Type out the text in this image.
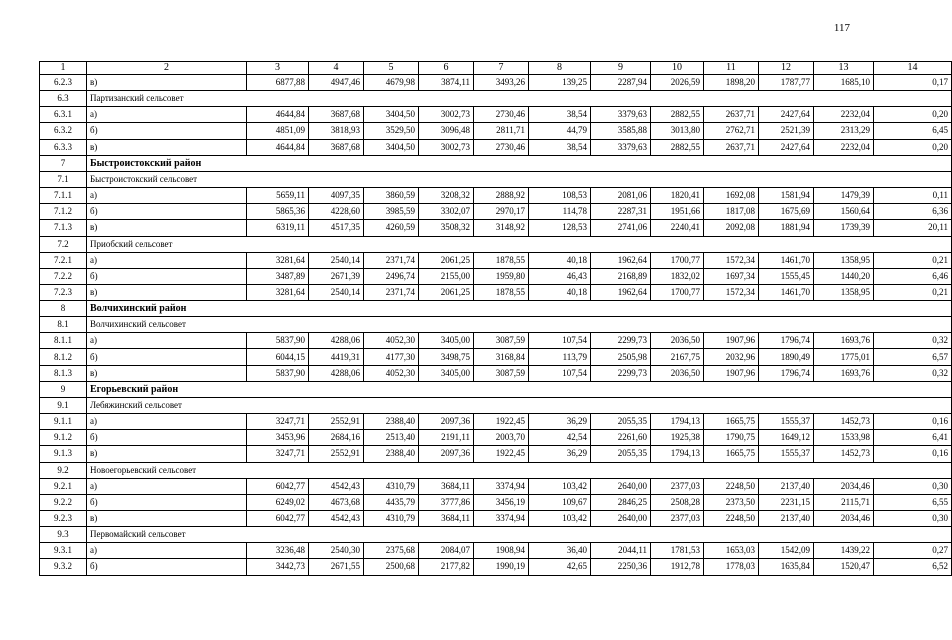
117
1	2	3	4	5	6	7	8	9	10	11	12	13	14
6.2.3	в)	6877,88	4947,46	4679,98	3874,11	3493,26	139,25	2287,94	2026,59	1898,20	1787,77	1685,10	0,17
6.3	Партизанский сельсовет												
6.3.1	а)	4644,84	3687,68	3404,50	3002,73	2730,46	38,54	3379,63	2882,55	2637,71	2427,64	2232,04	0,20
6.3.2	б)	4851,09	3818,93	3529,50	3096,48	2811,71	44,79	3585,88	3013,80	2762,71	2521,39	2313,29	6,45
6.3.3	в)	4644,84	3687,68	3404,50	3002,73	2730,46	38,54	3379,63	2882,55	2637,71	2427,64	2232,04	0,20
7	Быстроистокский район												
7.1	Быстроистокский сельсовет												
7.1.1	а)	5659,11	4097,35	3860,59	3208,32	2888,92	108,53	2081,06	1820,41	1692,08	1581,94	1479,39	0,11
7.1.2	б)	5865,36	4228,60	3985,59	3302,07	2970,17	114,78	2287,31	1951,66	1817,08	1675,69	1560,64	6,36
7.1.3	в)	6319,11	4517,35	4260,59	3508,32	3148,92	128,53	2741,06	2240,41	2092,08	1881,94	1739,39	20,11
7.2	Приобский сельсовет												
7.2.1	а)	3281,64	2540,14	2371,74	2061,25	1878,55	40,18	1962,64	1700,77	1572,34	1461,70	1358,95	0,21
7.2.2	б)	3487,89	2671,39	2496,74	2155,00	1959,80	46,43	2168,89	1832,02	1697,34	1555,45	1440,20	6,46
7.2.3	в)	3281,64	2540,14	2371,74	2061,25	1878,55	40,18	1962,64	1700,77	1572,34	1461,70	1358,95	0,21
8	Волчихинский район												
8.1	Волчихинский сельсовет												
8.1.1	а)	5837,90	4288,06	4052,30	3405,00	3087,59	107,54	2299,73	2036,50	1907,96	1796,74	1693,76	0,32
8.1.2	б)	6044,15	4419,31	4177,30	3498,75	3168,84	113,79	2505,98	2167,75	2032,96	1890,49	1775,01	6,57
8.1.3	в)	5837,90	4288,06	4052,30	3405,00	3087,59	107,54	2299,73	2036,50	1907,96	1796,74	1693,76	0,32
9	Егорьевский район												
9.1	Лебяжинский сельсовет												
9.1.1	а)	3247,71	2552,91	2388,40	2097,36	1922,45	36,29	2055,35	1794,13	1665,75	1555,37	1452,73	0,16
9.1.2	б)	3453,96	2684,16	2513,40	2191,11	2003,70	42,54	2261,60	1925,38	1790,75	1649,12	1533,98	6,41
9.1.3	в)	3247,71	2552,91	2388,40	2097,36	1922,45	36,29	2055,35	1794,13	1665,75	1555,37	1452,73	0,16
9.2	Новоегорьевский сельсовет												
9.2.1	а)	6042,77	4542,43	4310,79	3684,11	3374,94	103,42	2640,00	2377,03	2248,50	2137,40	2034,46	0,30
9.2.2	б)	6249,02	4673,68	4435,79	3777,86	3456,19	109,67	2846,25	2508,28	2373,50	2231,15	2115,71	6,55
9.2.3	в)	6042,77	4542,43	4310,79	3684,11	3374,94	103,42	2640,00	2377,03	2248,50	2137,40	2034,46	0,30
9.3	Первомайский сельсовет												
9.3.1	а)	3236,48	2540,30	2375,68	2084,07	1908,94	36,40	2044,11	1781,53	1653,03	1542,09	1439,22	0,27
9.3.2	б)	3442,73	2671,55	2500,68	2177,82	1990,19	42,65	2250,36	1912,78	1778,03	1635,84	1520,47	6,52
